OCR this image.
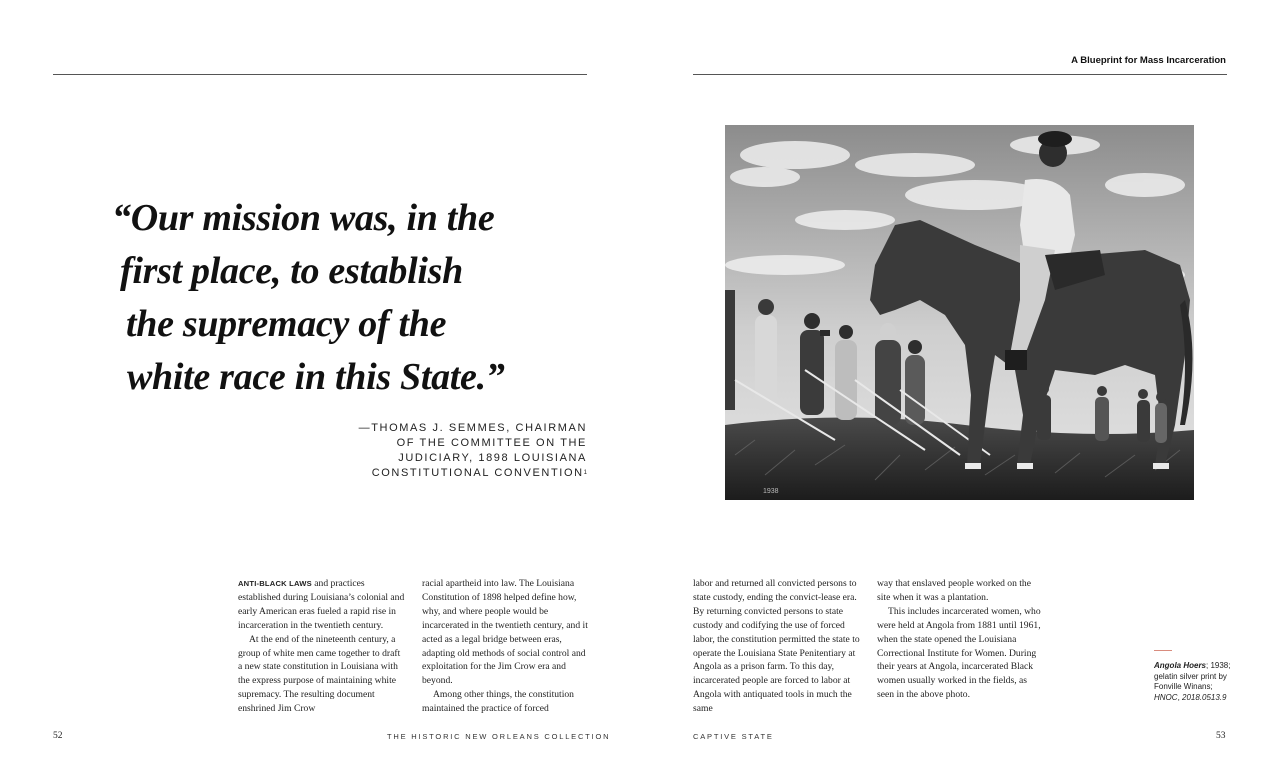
A Blueprint for Mass Incarceration
“Our mission was, in the
first place, to establish
the supremacy of the
white race in this State.”
—THOMAS J. SEMMES, CHAIRMAN
OF THE COMMITTEE ON THE
JUDICIARY, 1898 LOUISIANA
CONSTITUTIONAL CONVENTION$^1$
1938

ANTI-BLACK LAWS and practices established during Louisiana’s colonial and early American eras fueled a rapid rise in incarceration in the twentieth century.

At the end of the nineteenth century, a group of white men came together to draft a new state constitution in Louisiana with the express purpose of maintaining white supremacy. The resulting document enshrined Jim Crow

racial apartheid into law. The Louisiana Constitution of 1898 helped define how, why, and where people would be incarcerated in the twentieth century, and it acted as a legal bridge between eras, adapting old methods of social control and exploitation for the Jim Crow era and beyond.

Among other things, the constitution maintained the practice of forced

labor and returned all convicted persons to state custody, ending the convict-lease era. By returning convicted persons to state custody and codifying the use of forced labor, the constitution permitted the state to operate the Louisiana State Penitentiary at Angola as a prison farm. To this day, incarcerated people are forced to labor at Angola with antiquated tools in much the same

way that enslaved people worked on the site when it was a plantation.

This includes incarcerated women, who were held at Angola from 1881 until 1961, when the state opened the Louisiana Correctional Institute for Women. During their years at Angola, incarcerated Black women usually worked in the fields, as seen in the above photo.

Angola Hoers; 1938; gelatin silver print by Fonville Winans; HNOC, 2018.0513.9
52	THE HISTORIC NEW ORLEANS COLLECTION	CAPTIVE STATE	53
